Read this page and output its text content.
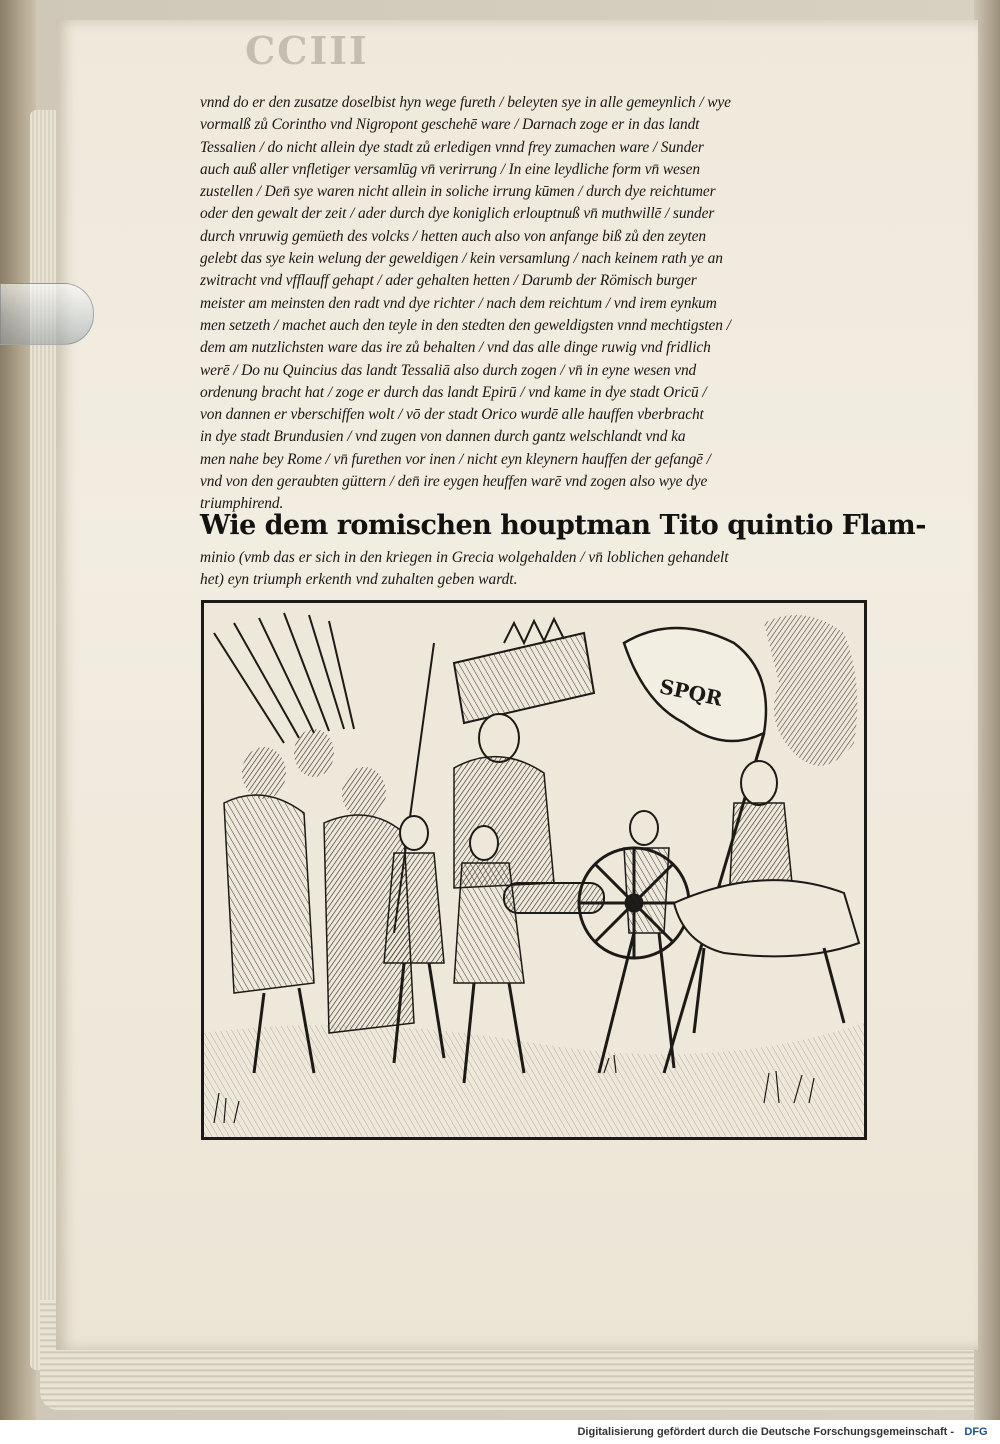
CCIII
vnnd do er den zusatze doselbist hyn wege fureth / beleyten sye in alle gemeynlich / wye
vormalß zů Corintho vnd Nigropont geschehē ware / Darnach zoge er in das landt
Tessalien / do nicht allein dye stadt zů erledigen vnnd frey zumachen ware / Sunder
auch auß aller vnfletiger versamlūg vn̄ verirrung / In eine leydliche form vn̄ wesen
zustellen / Den̄ sye waren nicht allein in soliche irrung kūmen / durch dye reichtumer
oder den gewalt der zeit / ader durch dye koniglich erlouptnuß vn̄ muthwillē / sunder
durch vnruwig gemüeth des volcks / hetten auch also von anfange biß zů den zeyten
gelebt das sye kein welung der geweldigen / kein versamlung / nach keinem rath ye an
zwitracht vnd vfflauff gehapt / ader gehalten hetten / Darumb der Römisch burger
meister am meinsten den radt vnd dye richter / nach dem reichtum / vnd irem eynkum
men setzeth / machet auch den teyle in den stedten den geweldigsten vnnd mechtigsten /
dem am nutzlichsten ware das ire zů behalten / vnd das alle dinge ruwig vnd fridlich
werē / Do nu Quincius das landt Tessaliā also durch zogen / vn̄ in eyne wesen vnd
ordenung bracht hat / zoge er durch das landt Epirū / vnd kame in dye stadt Oricū /
von dannen er vberschiffen wolt / vō der stadt Orico wurdē alle hauffen vberbracht
in dye stadt Brundusien / vnd zugen von dannen durch gantz welschlandt vnd ka
men nahe bey Rome / vn̄ furethen vor inen / nicht eyn kleynern hauffen der gefangē /
vnd von den geraubten güttern / den̄ ire eygen heuffen warē vnd zogen also wye dye
triumphirend.
Wie dem romischen houptman Tito quintio Flam-
minio (vmb das er sich in den kriegen in Grecia wolgehalden / vn̄ loblichen gehandelt
het) eyn triumph erkenth vnd zuhalten geben wardt.
SPQR
Digitalisierung gefördert durch die Deutsche Forschungsgemeinschaft - DFG
